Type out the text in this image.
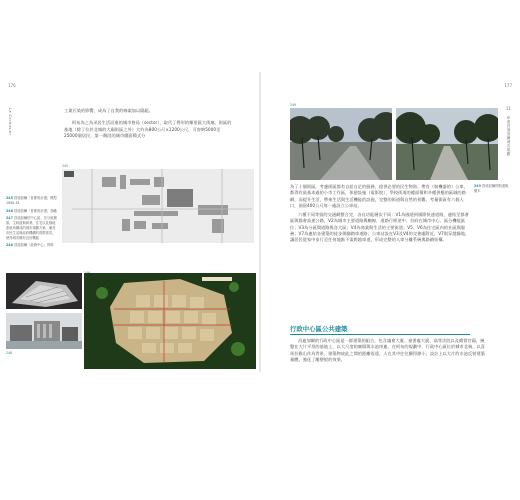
176
Le Corbusier	工業污染的影響，成為了自我的線索加以隔絕。

柯布為之為采居生活而進的城市格局（sector），取代了傳形的鄰里區大街廓，街區的基地（除了位於北城的大廟街區之外）大約為800公尺×1200公尺，可容納5000至25000個居民，第一階段的城市總面積式分

245
248
245 昌迪加爾「首都的計畫」模型 1950-51
246 昌迪加爾「首都的計畫」鳥瞰
247 昌迪加爾依中心區、各分區層級、主幹道與商業、住宅以及綠地系統所構成的城市規劃方案，兼具市民生活與政府機構的實際需求，使得城市擁有良好機能
248 昌迪加爾「政務中心」實際
177
印度昌迪加爾城市規劃
11
249
249 昌迪加爾的街道與樹木

為了十個街區，考慮街區都有自給自足的服務，提供必要的民生物資。帶有（如機器的）公車，都得有最基本過的小市工作區，休憩設施（電影院），學校街道的總面積和多種供應的區域的路網，而提升生活，帶來生活與生活機能的設施，完整的街道與自然的景觀，考量街區有六個入口，預留400公尺每一處設立公車站。

六種不同等級的交通網整合完，各自功能層次不同：V1為國道到國際快速道路，連結至都會區與都會高速公路，V2為城市主要道路與軸線，道路行經途中，首府在城市中心、區分機能區位；V3為分區間道路與各大區；V4為商業與生活的主要街道；V5、V6為住宅區內的社區與服務；V7為連結各建築的徒步與腳踏車道路；公車站設在V3及V4的交會處附近，V7則穿越綠地，讓居民從家中步行至任何地點不需跨越車道，形成完整的人車分離系統與路網結構。

行政中心區公共建築

昌迪加爾的行政中心區是一群建築的組合，包含議會大廈、祕書處大廈、高等法院以及總督官邸，統整在大片平坦的基地上，以大尺度的廣場與水池串連。在柯布的規劃中，行政中心區位於城市北端，以喜馬拉雅山作為背景，建築物彼此之間的距離很遠，人在其中往往顯得渺小，設計上以大片的水池反射建築量體，強化了雕塑般的效果。
